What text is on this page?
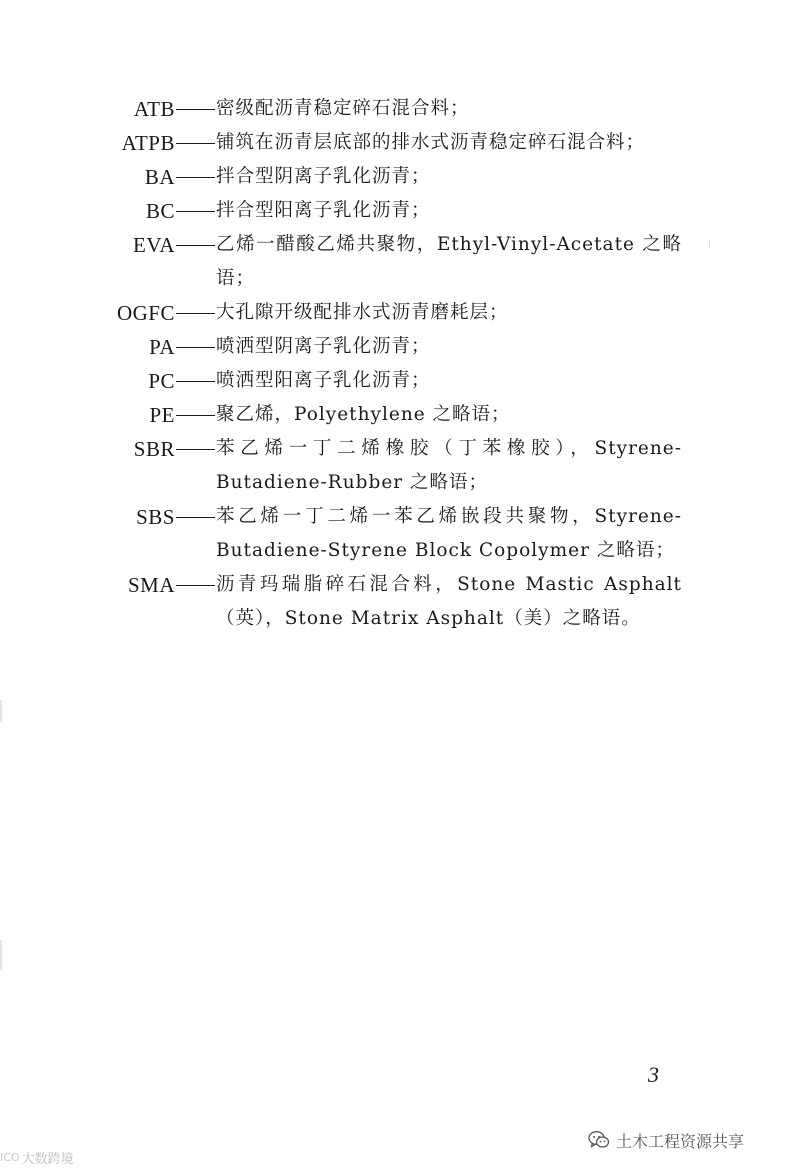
ATB 密级配沥青稳定碎石混合料；
ATPB 铺筑在沥青层底部的排水式沥青稳定碎石混合料；
BA 拌合型阴离子乳化沥青；
BC 拌合型阳离子乳化沥青；
EVA 乙烯一醋酸乙烯共聚物，Ethyl-Vinyl-Acetate 之略语；
OGFC 大孔隙开级配排水式沥青磨耗层；
PA 喷洒型阴离子乳化沥青；
PC 喷洒型阳离子乳化沥青；
PE 聚乙烯，Polyethylene 之略语；
SBR 苯乙烯一丁二烯橡胶（丁苯橡胶），Styrene-Butadiene-Rubber 之略语；
SBS 苯乙烯一丁二烯一苯乙烯嵌段共聚物，Styrene-Butadiene-Styrene Block Copolymer 之略语；
SMA 沥青玛瑞脂碎石混合料，Stone Mastic Asphalt（英），Stone Matrix Asphalt（美）之略语。
3
土木工程资源共享
ICO 大数跨境
